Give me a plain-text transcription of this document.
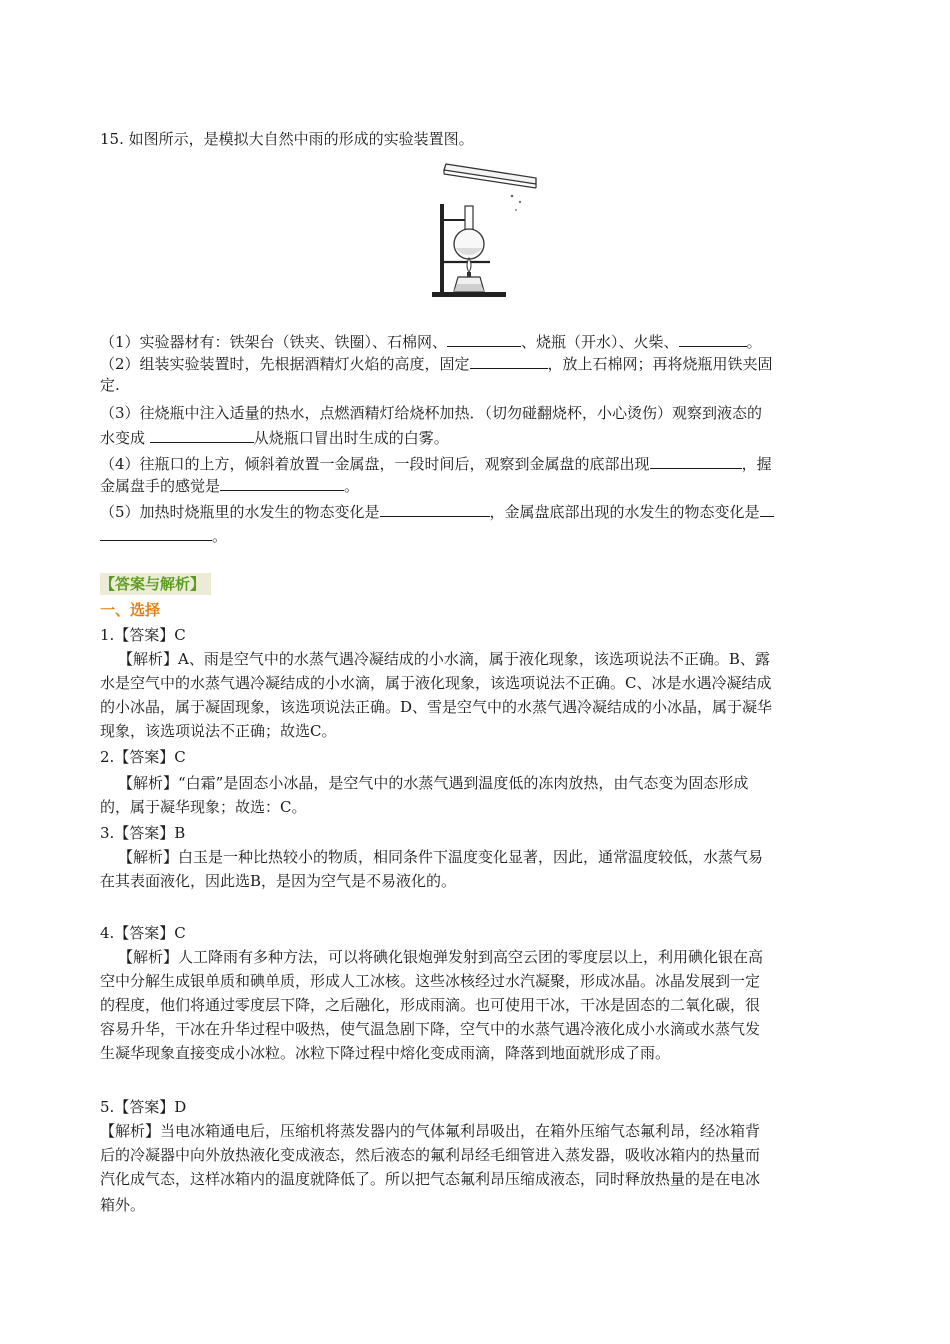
15. 如图所示，是模拟大自然中雨的形成的实验装置图。
（1）实验器材有：铁架台（铁夹、铁圈）、石棉网、	、烧瓶（开水）、火柴、	。
（2）组装实验装置时，先根据酒精灯火焰的高度，固定	，放上石棉网；再将烧瓶用铁夹固
定.
（3）往烧瓶中注入适量的热水，点燃酒精灯给烧杯加热．（切勿碰翻烧杯，小心烫伤）观察到液态的
水变成	从烧瓶口冒出时生成的白雾。
（4）往瓶口的上方，倾斜着放置一金属盘，一段时间后，观察到金属盘的底部出现	，握
金属盘手的感觉是	。
（5）加热时烧瓶里的水发生的物态变化是	，金属盘底部出现的水发生的物态变化是
。
【答案与解析】
一、选择
1.【答案】C
【解析】A、雨是空气中的水蒸气遇冷凝结成的小水滴，属于液化现象，该选项说法不正确。B、露
水是空气中的水蒸气遇冷凝结成的小水滴，属于液化现象，该选项说法不正确。C、冰是水遇冷凝结成
的小冰晶，属于凝固现象，该选项说法正确。D、雪是空气中的水蒸气遇冷凝结成的小冰晶，属于凝华
现象，该选项说法不正确；故选C。
2.【答案】C
【解析】“白霜”是固态小冰晶，是空气中的水蒸气遇到温度低的冻肉放热，由气态变为固态形成
的，属于凝华现象；故选：C。
3.【答案】B
【解析】白玉是一种比热较小的物质，相同条件下温度变化显著，因此，通常温度较低，水蒸气易
在其表面液化，因此选B，是因为空气是不易液化的。
4.【答案】C
【解析】人工降雨有多种方法，可以将碘化银炮弹发射到高空云团的零度层以上，利用碘化银在高
空中分解生成银单质和碘单质，形成人工冰核。这些冰核经过水汽凝聚，形成冰晶。冰晶发展到一定
的程度，他们将通过零度层下降，之后融化，形成雨滴。也可使用干冰，干冰是固态的二氧化碳，很
容易升华，干冰在升华过程中吸热，使气温急剧下降，空气中的水蒸气遇冷液化成小水滴或水蒸气发
生凝华现象直接变成小冰粒。冰粒下降过程中熔化变成雨滴，降落到地面就形成了雨。
5.【答案】D
【解析】当电冰箱通电后，压缩机将蒸发器内的气体氟利昂吸出，在箱外压缩气态氟利昂，经冰箱背
后的冷凝器中向外放热液化变成液态，然后液态的氟利昂经毛细管进入蒸发器，吸收冰箱内的热量而
汽化成气态，这样冰箱内的温度就降低了。所以把气态氟利昂压缩成液态，同时释放热量的是在电冰
箱外。
